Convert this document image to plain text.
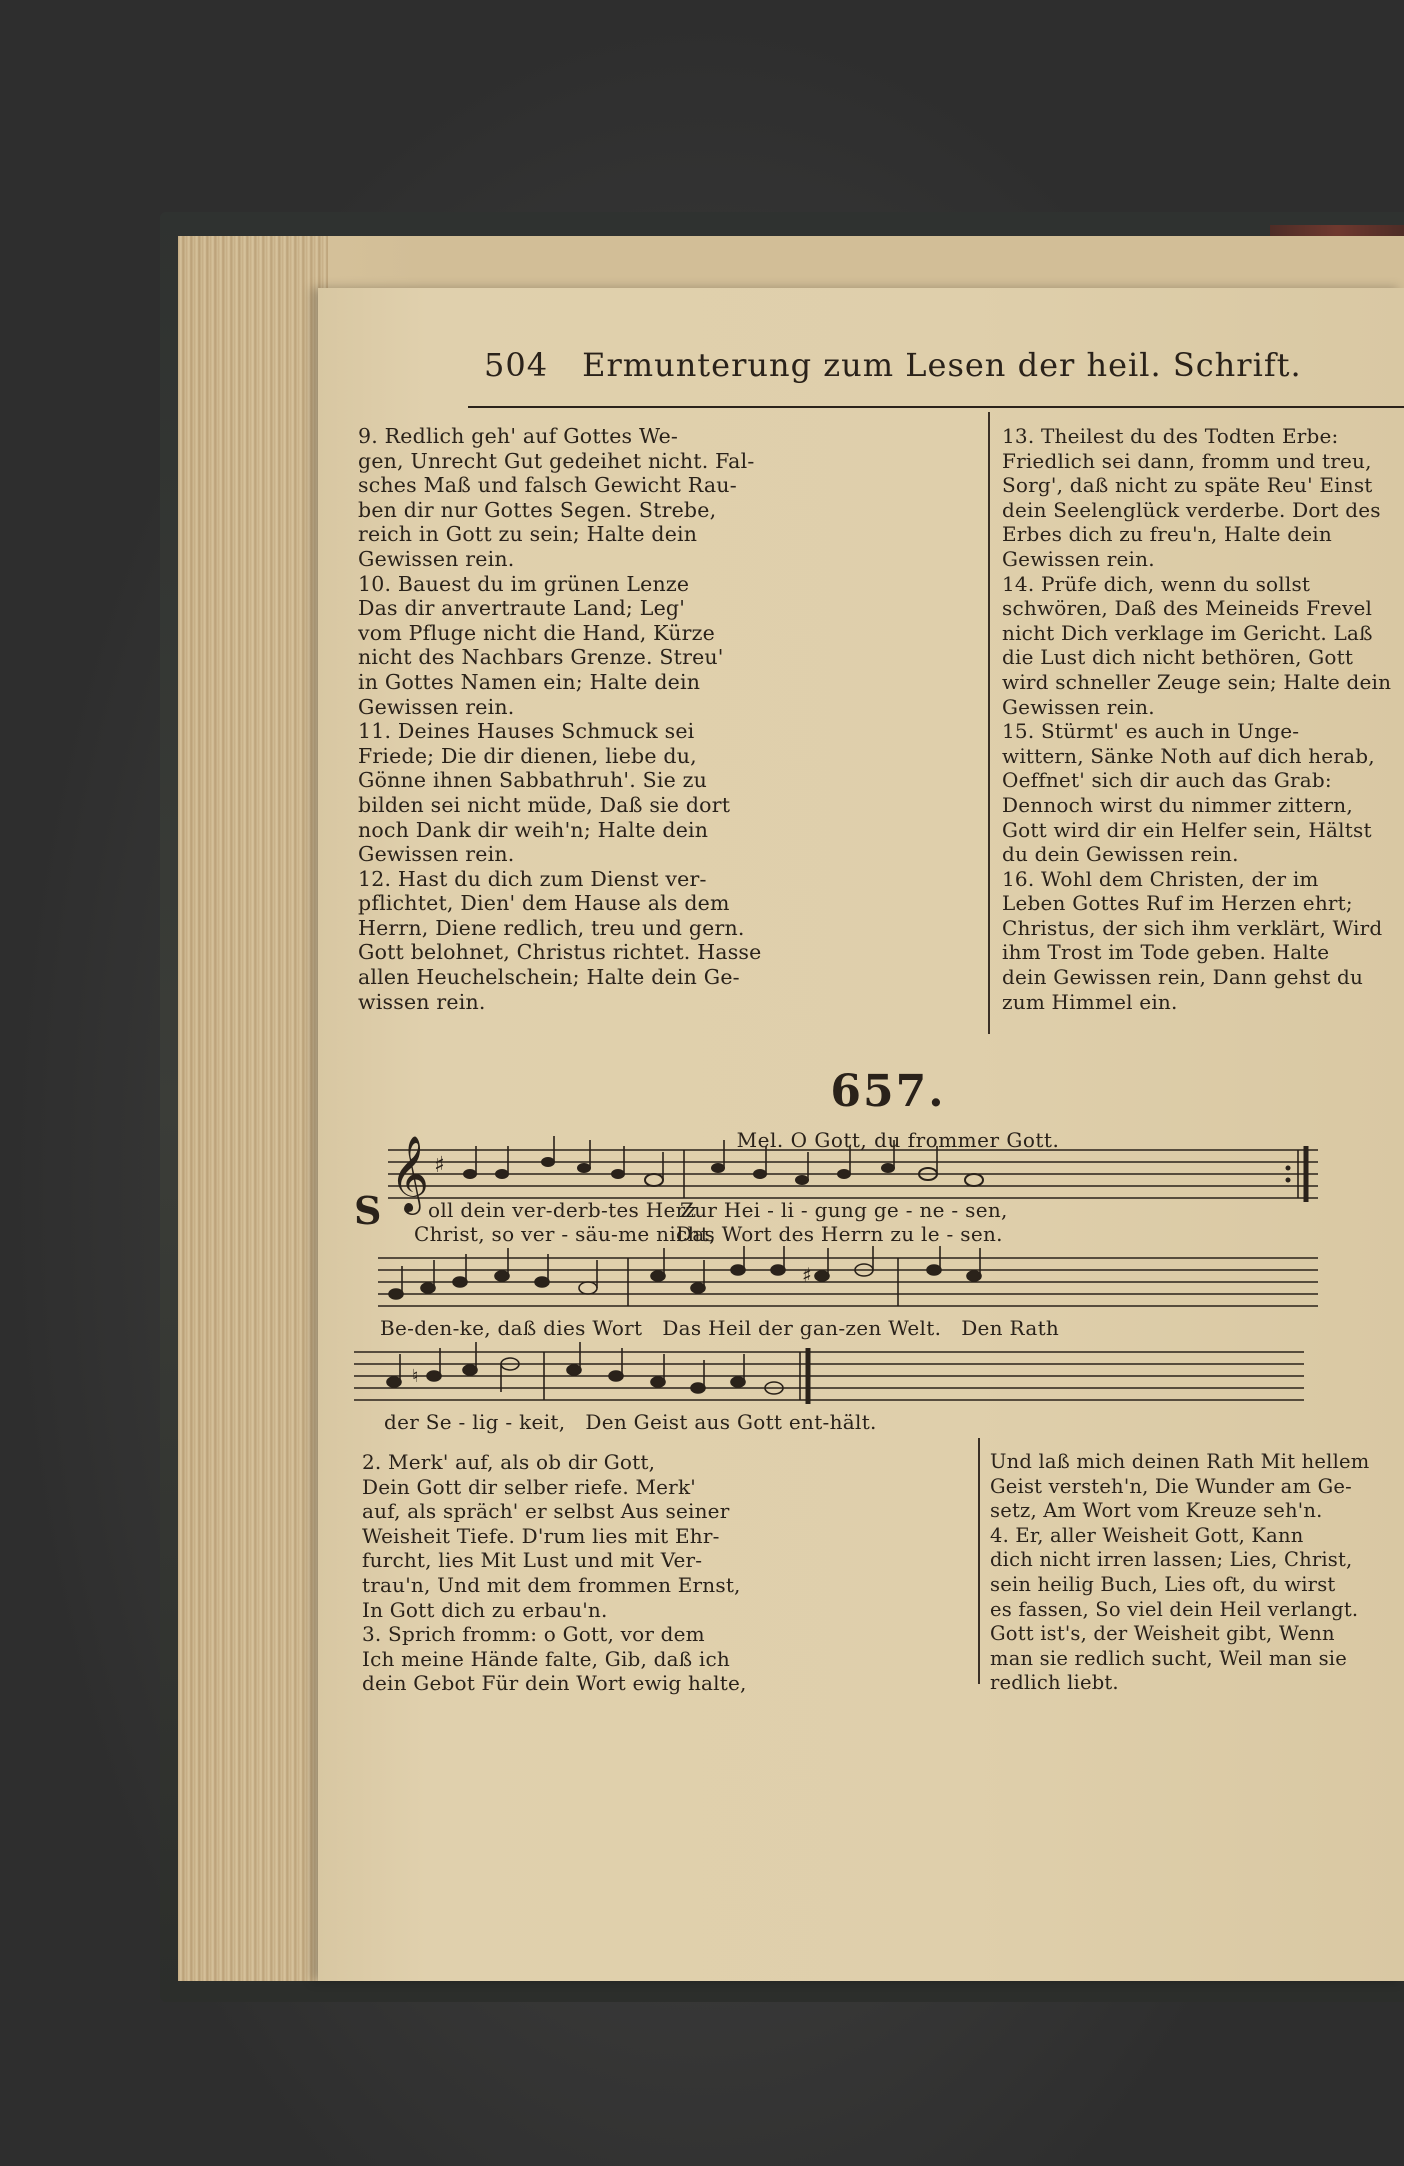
504 Ermunterung zum Lesen der heil. Schrift.
9. Redlich geh' auf Gottes We-
gen, Unrecht Gut gedeihet nicht. Fal-
sches Maß und falsch Gewicht Rau-
ben dir nur Gottes Segen. Strebe,
reich in Gott zu sein; Halte dein
Gewissen rein.
10. Bauest du im grünen Lenze
Das dir anvertraute Land; Leg'
vom Pfluge nicht die Hand, Kürze
nicht des Nachbars Grenze. Streu'
in Gottes Namen ein; Halte dein
Gewissen rein.
11. Deines Hauses Schmuck sei
Friede; Die dir dienen, liebe du,
Gönne ihnen Sabbathruh'. Sie zu
bilden sei nicht müde, Daß sie dort
noch Dank dir weih'n; Halte dein
Gewissen rein.
12. Hast du dich zum Dienst ver-
pflichtet, Dien' dem Hause als dem
Herrn, Diene redlich, treu und gern.
Gott belohnet, Christus richtet. Hasse
allen Heuchelschein; Halte dein Ge-
wissen rein.
13. Theilest du des Todten Erbe:
Friedlich sei dann, fromm und treu,
Sorg', daß nicht zu späte Reu' Einst
dein Seelenglück verderbe. Dort des
Erbes dich zu freu'n, Halte dein
Gewissen rein.
14. Prüfe dich, wenn du sollst
schwören, Daß des Meineids Frevel
nicht Dich verklage im Gericht. Laß
die Lust dich nicht bethören, Gott
wird schneller Zeuge sein; Halte dein
Gewissen rein.
15. Stürmt' es auch in Unge-
wittern, Sänke Noth auf dich herab,
Oeffnet' sich dir auch das Grab:
Dennoch wirst du nimmer zittern,
Gott wird dir ein Helfer sein, Hältst
du dein Gewissen rein.
16. Wohl dem Christen, der im
Leben Gottes Ruf im Herzen ehrt;
Christus, der sich ihm verklärt, Wird
ihm Trost im Tode geben. Halte
dein Gewissen rein, Dann gehst du
zum Himmel ein.
657.
Mel. O Gott, du frommer Gott.
S 𝄞 ♯
oll dein ver-derb-tes Herz
Zur Hei - li - gung ge - ne - sen,
Christ, so ver - säu-me nicht,
Das Wort des Herrn zu le - sen.
♯
Be-den-ke, daß dies Wort   Das Heil der gan-zen Welt.   Den Rath
♮
der Se - lig - keit,   Den Geist aus Gott ent-hält.
2. Merk' auf, als ob dir Gott,
Dein Gott dir selber riefe. Merk'
auf, als spräch' er selbst Aus seiner
Weisheit Tiefe. D'rum lies mit Ehr-
furcht, lies Mit Lust und mit Ver-
trau'n, Und mit dem frommen Ernst,
In Gott dich zu erbau'n.
3. Sprich fromm: o Gott, vor dem
Ich meine Hände falte, Gib, daß ich
dein Gebot Für dein Wort ewig halte,
Und laß mich deinen Rath Mit hellem
Geist versteh'n, Die Wunder am Ge-
setz, Am Wort vom Kreuze seh'n.
4. Er, aller Weisheit Gott, Kann
dich nicht irren lassen; Lies, Christ,
sein heilig Buch, Lies oft, du wirst
es fassen, So viel dein Heil verlangt.
Gott ist's, der Weisheit gibt, Wenn
man sie redlich sucht, Weil man sie
redlich liebt.
